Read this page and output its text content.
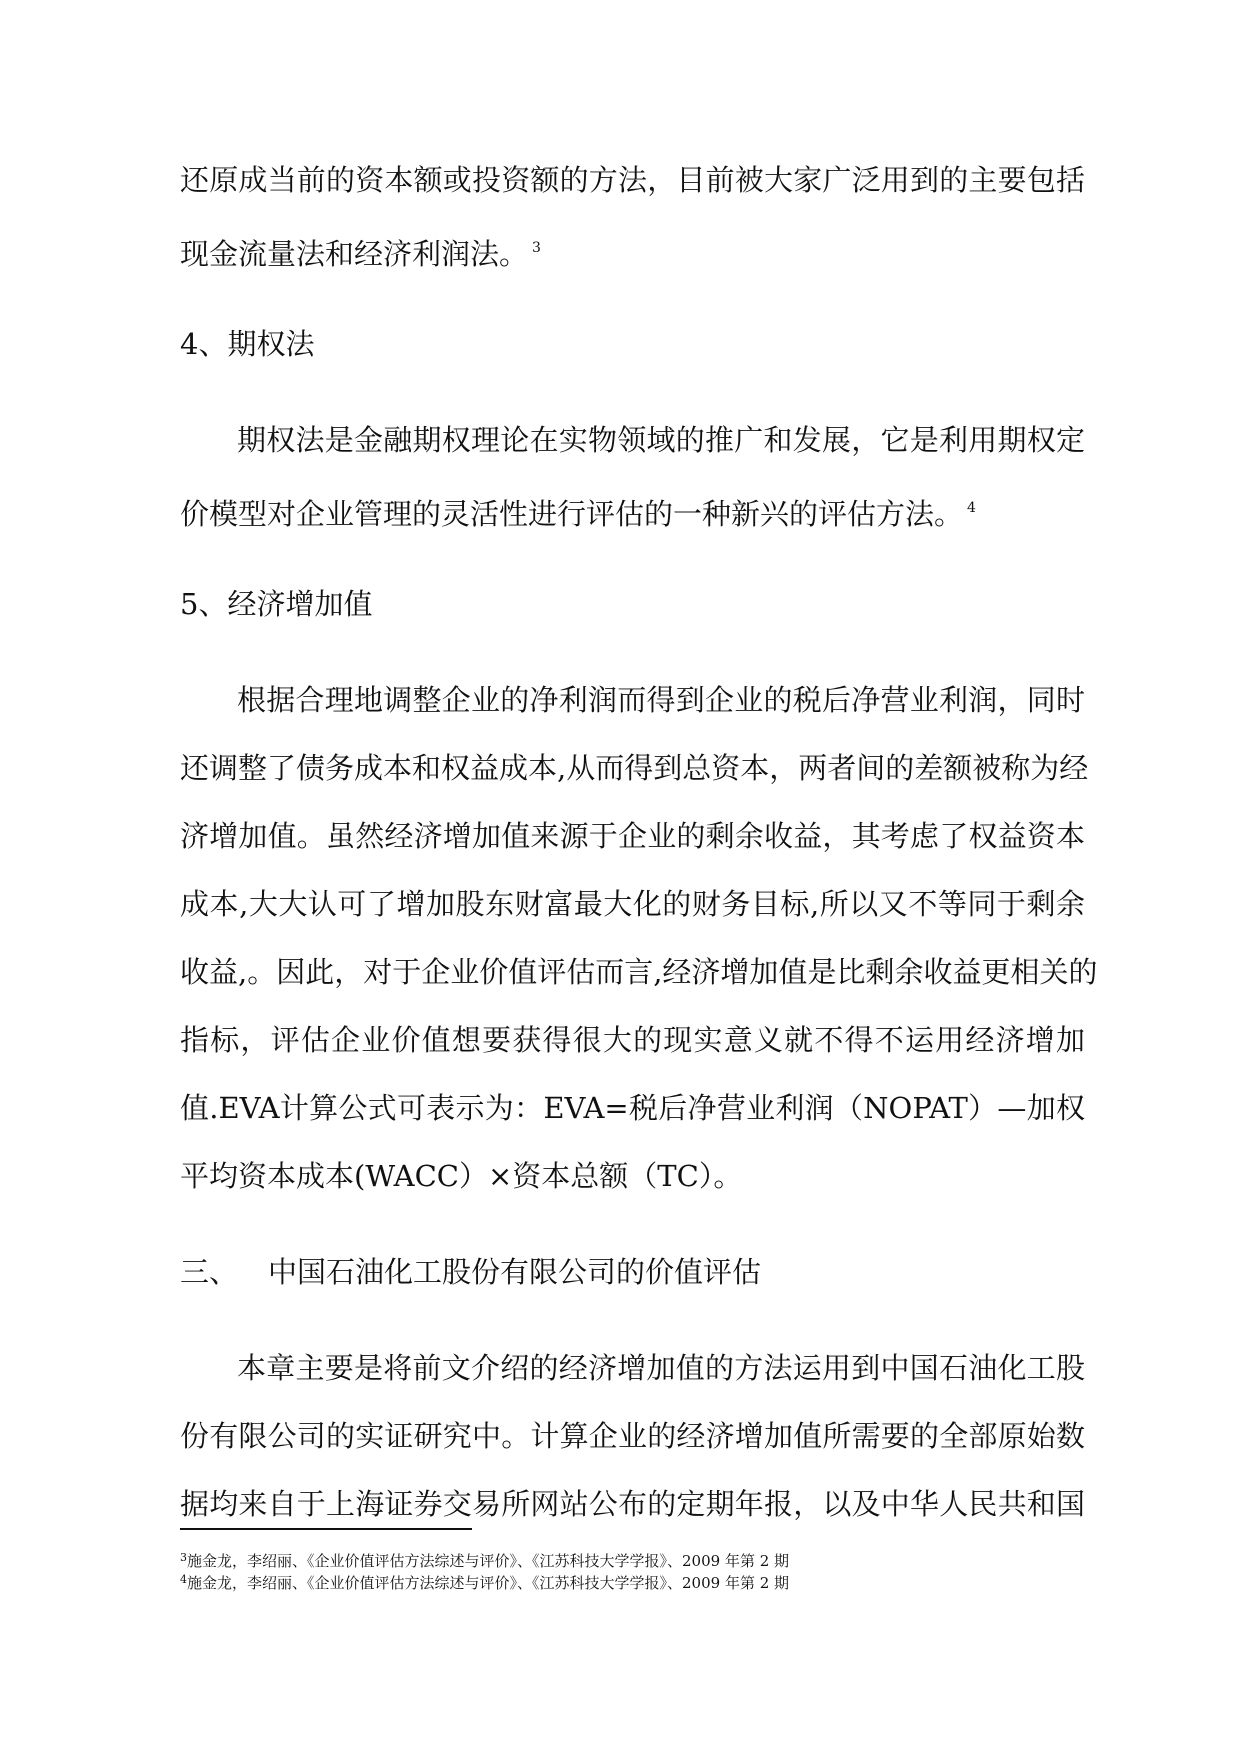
还原成当前的资本额或投资额的方法，目前被大家广泛用到的主要包括

现金流量法和经济利润法。 $^3$

4、期权法

期权法是金融期权理论在实物领域的推广和发展，它是利用期权定

价模型对企业管理的灵活性进行评估的一种新兴的评估方法。 $^4$

5、经济增加值

根据合理地调整企业的净利润而得到企业的税后净营业利润，同时

还调整了债务成本和权益成本,从而得到总资本，两者间的差额被称为经

济增加值。虽然经济增加值来源于企业的剩余收益，其考虑了权益资本

成本,大大认可了增加股东财富最大化的财务目标,所以又不等同于剩余

收益,。因此，对于企业价值评估而言,经济增加值是比剩余收益更相关的

指标，评估企业价值想要获得很大的现实意义就不得不运用经济增加

值.EVA计算公式可表示为：EVA=税后净营业利润（NOPAT）—加权

平均资本成本(WACC）×资本总额（TC）。

三、 中国石油化工股份有限公司的价值评估

本章主要是将前文介绍的经济增加值的方法运用到中国石油化工股

份有限公司的实证研究中。计算企业的经济增加值所需要的全部原始数

据均来自于上海证券交易所网站公布的定期年报，以及中华人民共和国

$^3$施金龙，李绍丽、《企业价值评估方法综述与评价》、《江苏科技大学学报》、2009 年第 2 期

$^4$施金龙，李绍丽、《企业价值评估方法综述与评价》、《江苏科技大学学报》、2009 年第 2 期
